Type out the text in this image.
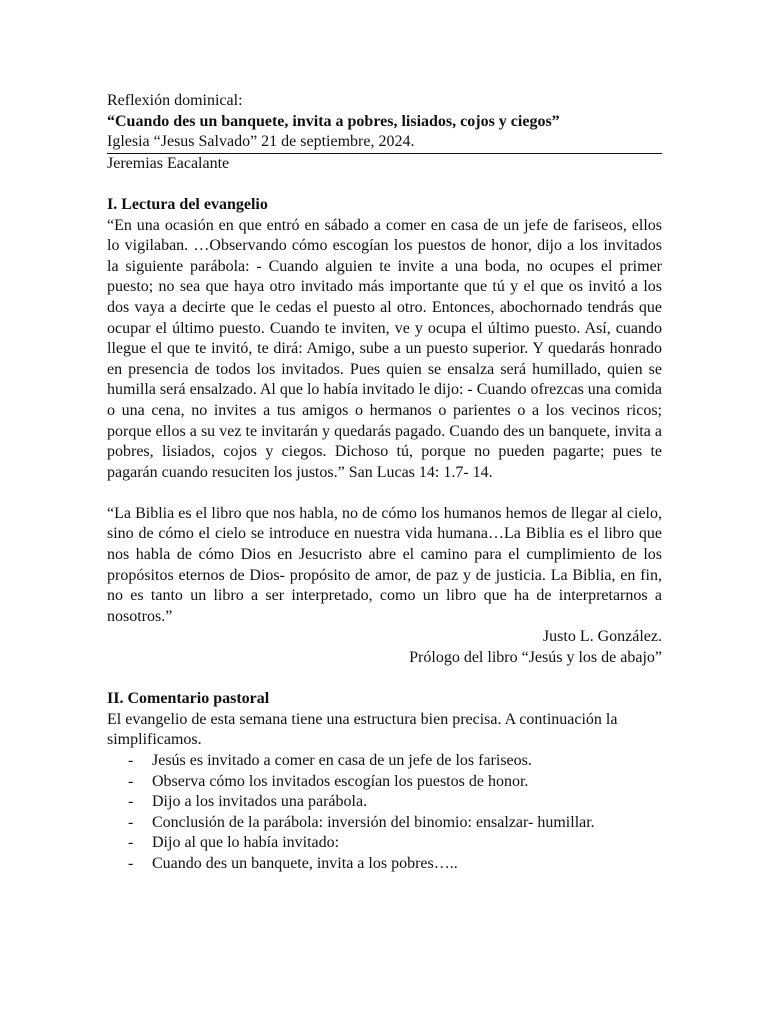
Reflexión dominical:
“Cuando des un banquete, invita a pobres, lisiados, cojos y ciegos”
Iglesia “Jesus Salvado” 21 de septiembre, 2024.
Jeremias Eacalante
I. Lectura del evangelio
“En una ocasión en que entró en sábado a comer en casa de un jefe de fariseos, ellos lo vigilaban. …Observando cómo escogían los puestos de honor, dijo a los invitados la siguiente parábola: - Cuando alguien te invite a una boda, no ocupes el primer puesto; no sea que haya otro invitado más importante que tú y el que os invitó a los dos vaya a decirte que le cedas el puesto al otro. Entonces, abochornado tendrás que ocupar el último puesto. Cuando te inviten, ve y ocupa el último puesto. Así, cuando llegue el que te invitó, te dirá: Amigo, sube a un puesto superior. Y quedarás honrado en presencia de todos los invitados. Pues quien se ensalza será humillado, quien se humilla será ensalzado. Al que lo había invitado le dijo: - Cuando ofrezcas una comida o una cena, no invites a tus amigos o hermanos o parientes o a los vecinos ricos; porque ellos a su vez te invitarán y quedarás pagado. Cuando des un banquete, invita a pobres, lisiados, cojos y ciegos. Dichoso tú, porque no pueden pagarte; pues te pagarán cuando resuciten los justos.” San Lucas 14: 1.7- 14.
“La Biblia es el libro que nos habla, no de cómo los humanos hemos de llegar al cielo, sino de cómo el cielo se introduce en nuestra vida humana…La Biblia es el libro que nos habla de cómo Dios en Jesucristo abre el camino para el cumplimiento de los propósitos eternos de Dios- propósito de amor, de paz y de justicia. La Biblia, en fin, no es tanto un libro a ser interpretado, como un libro que ha de interpretarnos a nosotros.”
Justo L. González.
Prólogo del libro “Jesús y los de abajo”
II. Comentario pastoral
El evangelio de esta semana tiene una estructura bien precisa. A continuación la simplificamos.
- Jesús es invitado a comer en casa de un jefe de los fariseos.
- Observa cómo los invitados escogían los puestos de honor.
- Dijo a los invitados una parábola.
- Conclusión de la parábola: inversión del binomio: ensalzar- humillar.
- Dijo al que lo había invitado:
- Cuando des un banquete, invita a los pobres…..
